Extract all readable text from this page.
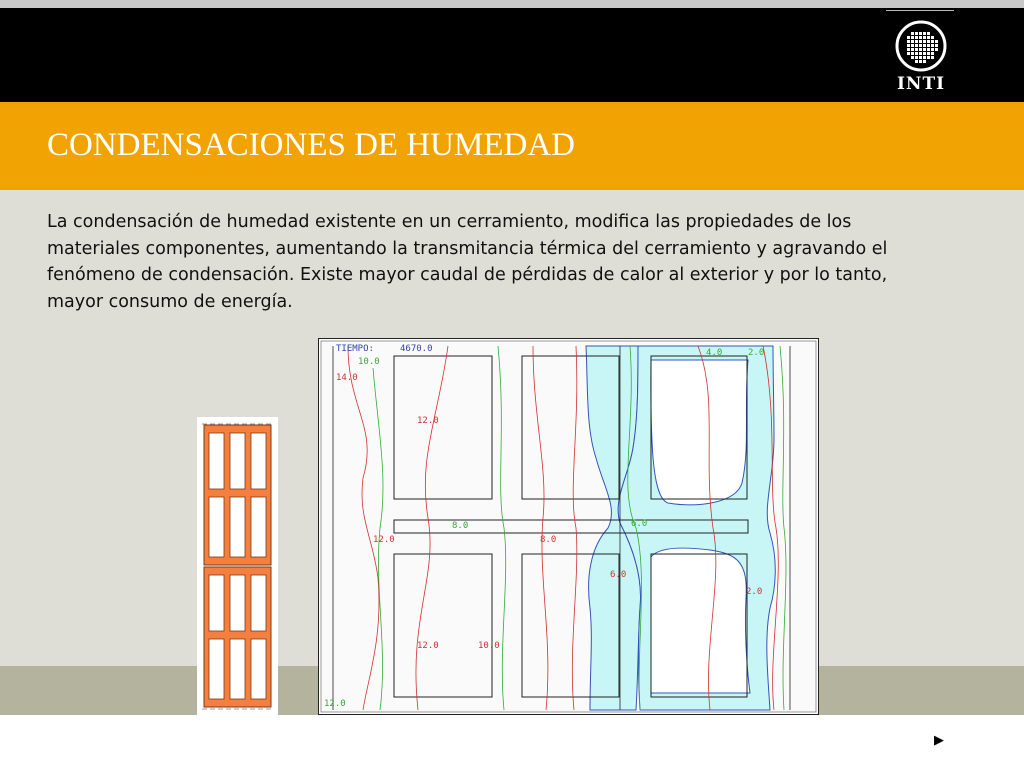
INTI
CONDENSACIONES DE HUMEDAD

La condensación de humedad existente en un cerramiento, modifica las propiedades de los materiales componentes, aumentando la transmitancia térmica del cerramiento y agravando el fenómeno de condensación. Existe mayor caudal de pérdidas de calor al exterior y por lo tanto, mayor consumo de energía.

TIEMPO:	4670.0
10.0
14.0
12.0
8.0
12.0	8.0
6.0
12.0	10.0
4.0	2.0
6.0
2.0
12.0
▶
